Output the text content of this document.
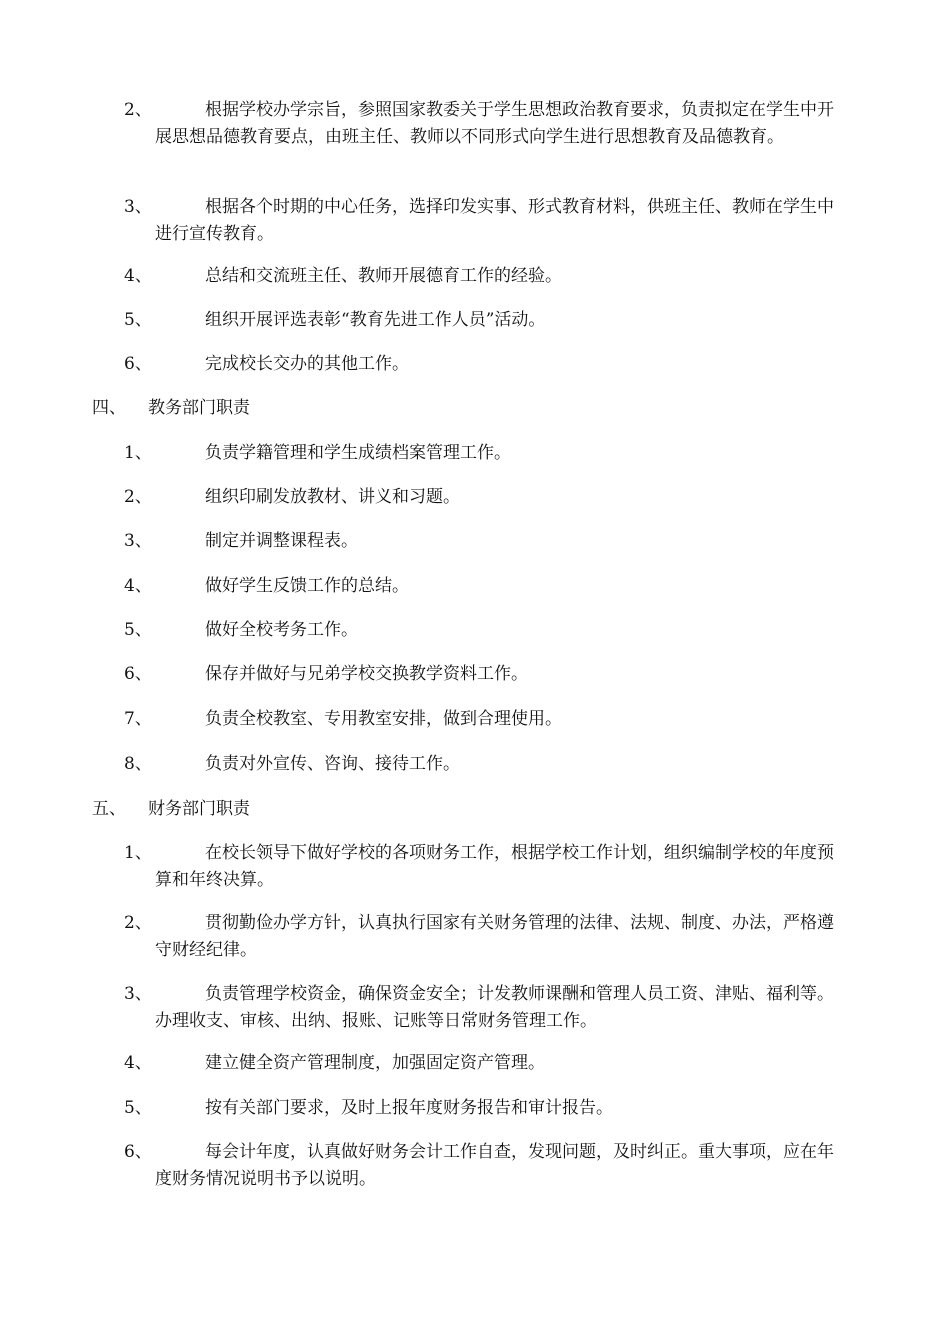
2、	根据学校办学宗旨，参照国家教委关于学生思想政治教育要求，负责拟定在学生中开展思想品德教育要点，由班主任、教师以不同形式向学生进行思想教育及品德教育。
3、	根据各个时期的中心任务，选择印发实事、形式教育材料，供班主任、教师在学生中进行宣传教育。
4、	总结和交流班主任、教师开展德育工作的经验。
5、	组织开展评选表彰“教育先进工作人员”活动。
6、	完成校长交办的其他工作。
四、 教务部门职责
1、	负责学籍管理和学生成绩档案管理工作。
2、	组织印刷发放教材、讲义和习题。
3、	制定并调整课程表。
4、	做好学生反馈工作的总结。
5、	做好全校考务工作。
6、	保存并做好与兄弟学校交换教学资料工作。
7、	负责全校教室、专用教室安排，做到合理使用。
8、	负责对外宣传、咨询、接待工作。
五、 财务部门职责
1、	在校长领导下做好学校的各项财务工作，根据学校工作计划，组织编制学校的年度预算和年终决算。
2、	贯彻勤俭办学方针，认真执行国家有关财务管理的法律、法规、制度、办法，严格遵守财经纪律。
3、	负责管理学校资金，确保资金安全；计发教师课酬和管理人员工资、津贴、福利等。办理收支、审核、出纳、报账、记账等日常财务管理工作。
4、	建立健全资产管理制度，加强固定资产管理。
5、	按有关部门要求，及时上报年度财务报告和审计报告。
6、	每会计年度，认真做好财务会计工作自查，发现问题，及时纠正。重大事项，应在年度财务情况说明书予以说明。
